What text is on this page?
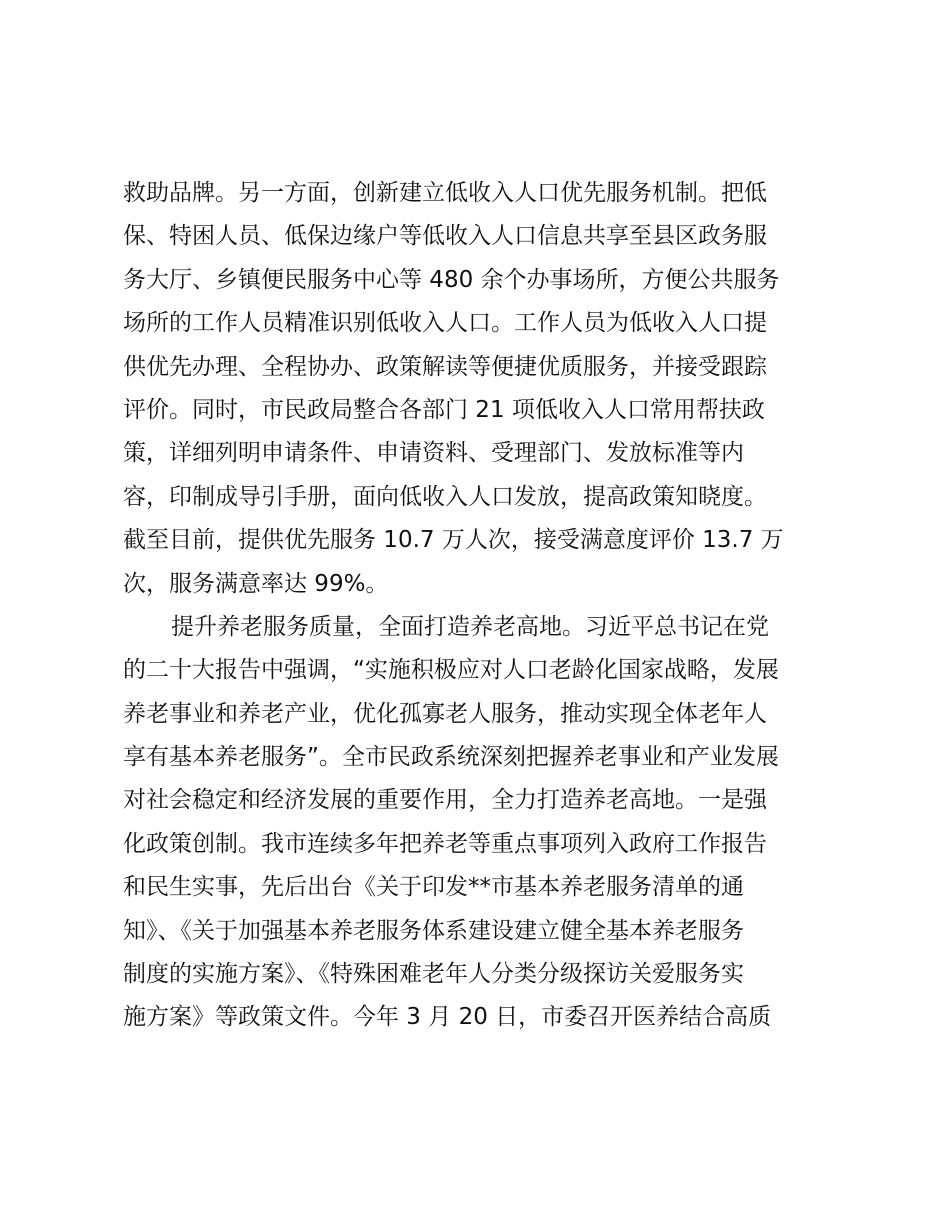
救助品牌。另一方面，创新建立低收入人口优先服务机制。把低
保、特困人员、低保边缘户等低收入人口信息共享至县区政务服
务大厅、乡镇便民服务中心等 480 余个办事场所，方便公共服务
场所的工作人员精准识别低收入人口。工作人员为低收入人口提
供优先办理、全程协办、政策解读等便捷优质服务，并接受跟踪
评价。同时，市民政局整合各部门 21 项低收入人口常用帮扶政
策，详细列明申请条件、申请资料、受理部门、发放标准等内
容，印制成导引手册，面向低收入人口发放，提高政策知晓度。
截至目前，提供优先服务 10.7 万人次，接受满意度评价 13.7 万
次，服务满意率达 99%。
提升养老服务质量，全面打造养老高地。习近平总书记在党
的二十大报告中强调，“实施积极应对人口老龄化国家战略，发展
养老事业和养老产业，优化孤寡老人服务，推动实现全体老年人
享有基本养老服务”。全市民政系统深刻把握养老事业和产业发展
对社会稳定和经济发展的重要作用，全力打造养老高地。一是强
化政策创制。我市连续多年把养老等重点事项列入政府工作报告
和民生实事，先后出台《关于印发**市基本养老服务清单的通
知》、《关于加强基本养老服务体系建设建立健全基本养老服务
制度的实施方案》、《特殊困难老年人分类分级探访关爱服务实
施方案》等政策文件。今年 3 月 20 日，市委召开医养结合高质
